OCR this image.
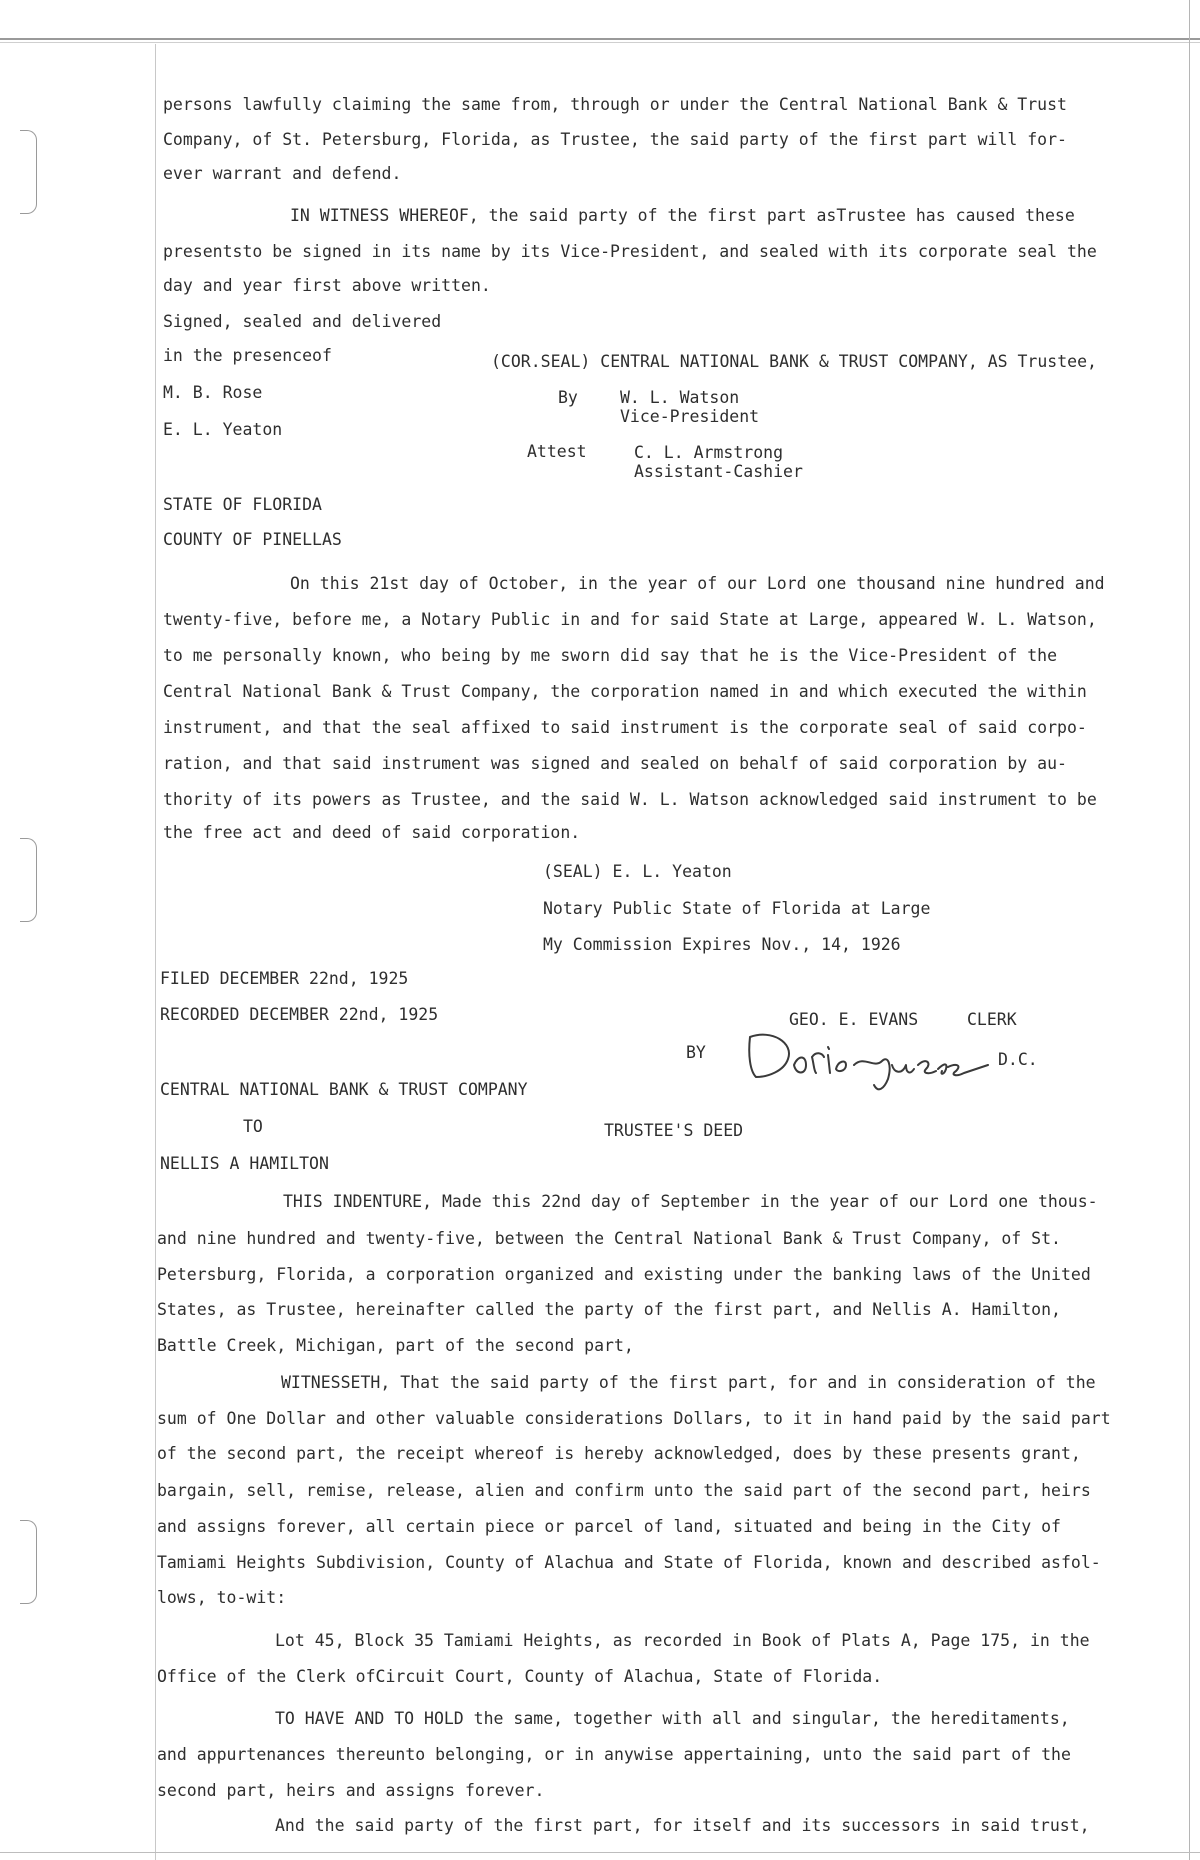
persons lawfully claiming the same from, through or under the Central National Bank & Trust
Company, of St. Petersburg, Florida, as Trustee, the said party of the first part will for-
ever warrant and defend.
IN WITNESS WHEREOF, the said party of the first part asTrustee has caused these
presentsto be signed in its name by its Vice-President, and sealed with its corporate seal the
day and year first above written.
Signed, sealed and delivered
in the presenceof	(COR.SEAL) CENTRAL NATIONAL BANK & TRUST COMPANY, AS Trustee,
M. B. Rose	By	W. L. Watson
Vice-President
E. L. Yeaton
Attest	C. L. Armstrong
Assistant-Cashier
STATE OF FLORIDA
COUNTY OF PINELLAS
On this 21st day of October, in the year of our Lord one thousand nine hundred and
twenty-five, before me, a Notary Public in and for said State at Large, appeared W. L. Watson,
to me personally known, who being by me sworn did say that he is the Vice-President of the
Central National Bank & Trust Company, the corporation named in and which executed the within
instrument, and that the seal affixed to said instrument is the corporate seal of said corpo-
ration, and that said instrument was signed and sealed on behalf of said corporation by au-
thority of its powers as Trustee, and the said W. L. Watson acknowledged said instrument to be
the free act and deed of said corporation.
(SEAL) E. L. Yeaton
Notary Public State of Florida at Large
My Commission Expires Nov., 14, 1926
FILED DECEMBER 22nd, 1925
RECORDED DECEMBER 22nd, 1925	GEO. E. EVANS	CLERK
BY	D.C.
CENTRAL NATIONAL BANK & TRUST COMPANY
TO	TRUSTEE'S DEED
NELLIS A HAMILTON
THIS INDENTURE, Made this 22nd day of September in the year of our Lord one thous-
and nine hundred and twenty-five, between the Central National Bank & Trust Company, of St.
Petersburg, Florida, a corporation organized and existing under the banking laws of the United
States, as Trustee, hereinafter called the party of the first part, and Nellis A. Hamilton,
Battle Creek, Michigan, part of the second part,
WITNESSETH, That the said party of the first part, for and in consideration of the
sum of One Dollar and other valuable considerations Dollars, to it in hand paid by the said part
of the second part, the receipt whereof is hereby acknowledged, does by these presents grant,
bargain, sell, remise, release, alien and confirm unto the said part of the second part, heirs
and assigns forever, all certain piece or parcel of land, situated and being in the City of
Tamiami Heights Subdivision, County of Alachua and State of Florida, known and described asfol-
lows, to-wit:
Lot 45, Block 35 Tamiami Heights, as recorded in Book of Plats A, Page 175, in the
Office of the Clerk ofCircuit Court, County of Alachua, State of Florida.
TO HAVE AND TO HOLD the same, together with all and singular, the hereditaments,
and appurtenances thereunto belonging, or in anywise appertaining, unto the said part of the
second part, heirs and assigns forever.
And the said party of the first part, for itself and its successors in said trust,
